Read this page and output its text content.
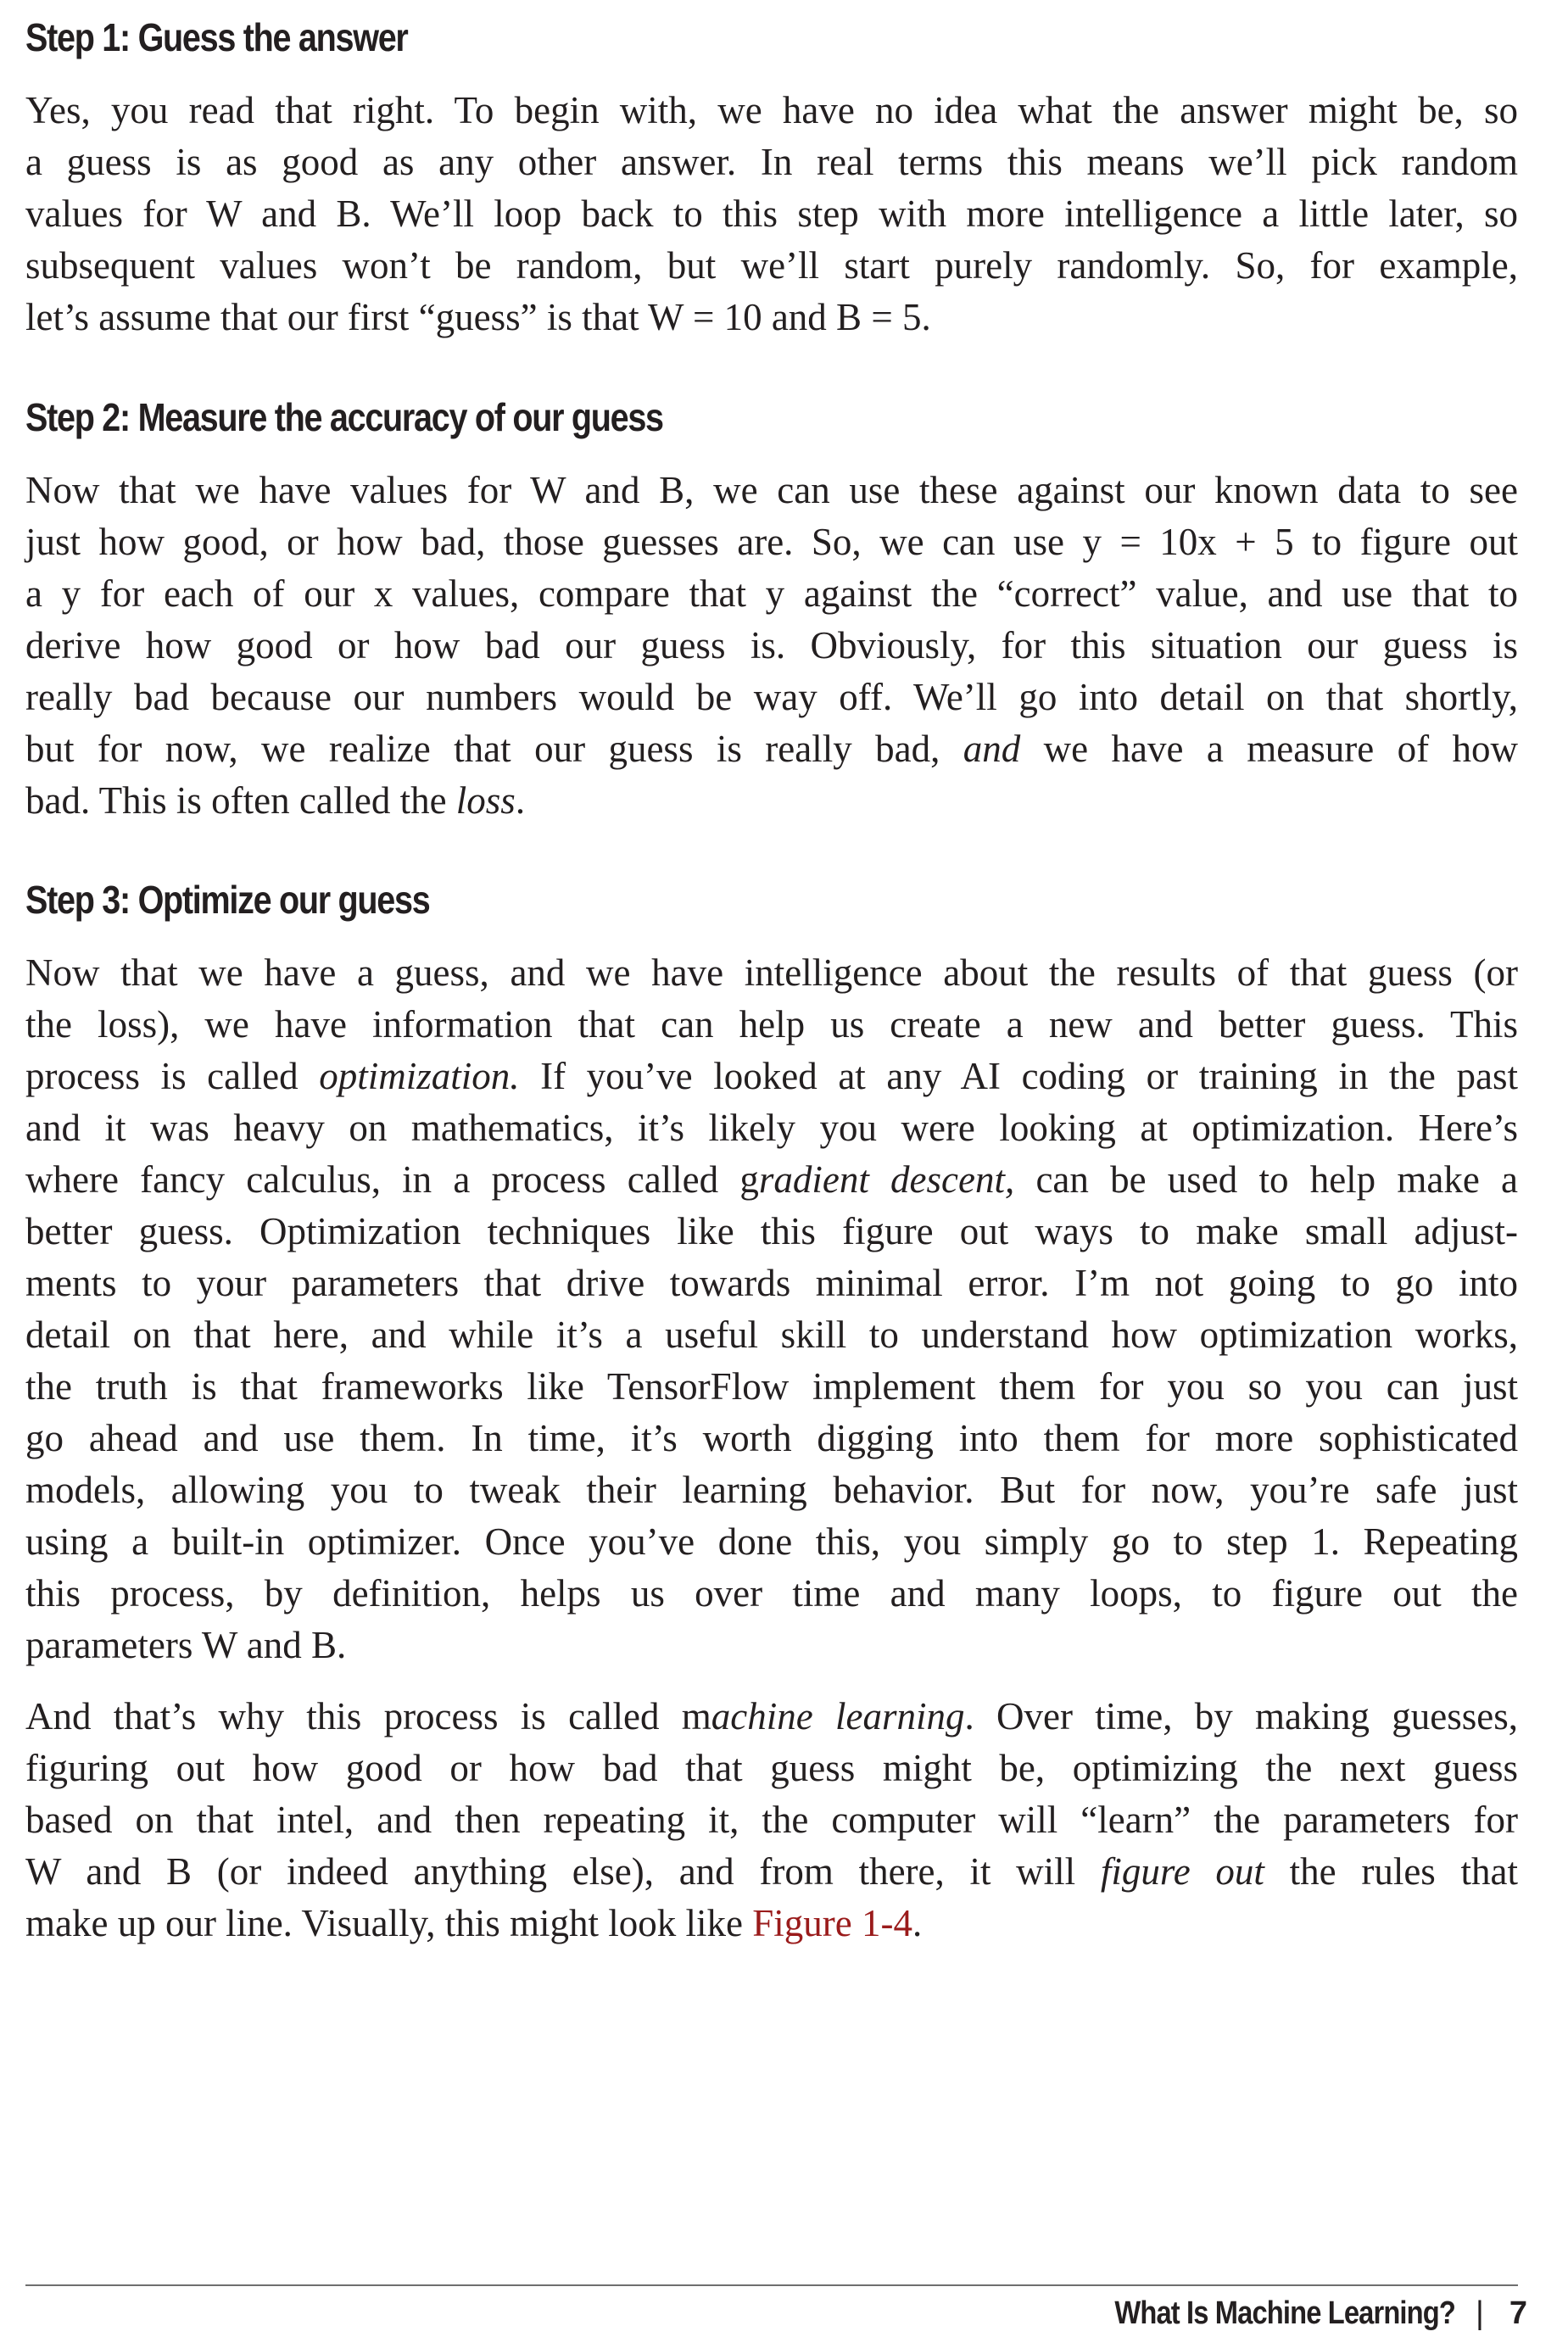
Step 1: Guess the answer
Yes, you read that right. To begin with, we have no idea what the answer might be, so
a guess is as good as any other answer. In real terms this means we’ll pick random
values for W and B. We’ll loop back to this step with more intelligence a little later, so
subsequent values won’t be random, but we’ll start purely randomly. So, for example,
let’s assume that our first “guess” is that W = 10 and B = 5.
Step 2: Measure the accuracy of our guess
Now that we have values for W and B, we can use these against our known data to see
just how good, or how bad, those guesses are. So, we can use y = 10x + 5 to figure out
a y for each of our x values, compare that y against the “correct” value, and use that to
derive how good or how bad our guess is. Obviously, for this situation our guess is
really bad because our numbers would be way off. We’ll go into detail on that shortly,
but for now, we realize that our guess is really bad, and we have a measure of how
bad. This is often called the loss.
Step 3: Optimize our guess
Now that we have a guess, and we have intelligence about the results of that guess (or
the loss), we have information that can help us create a new and better guess. This
process is called optimization. If you’ve looked at any AI coding or training in the past
and it was heavy on mathematics, it’s likely you were looking at optimization. Here’s
where fancy calculus, in a process called gradient descent, can be used to help make a
better guess. Optimization techniques like this figure out ways to make small adjust-
ments to your parameters that drive towards minimal error. I’m not going to go into
detail on that here, and while it’s a useful skill to understand how optimization works,
the truth is that frameworks like TensorFlow implement them for you so you can just
go ahead and use them. In time, it’s worth digging into them for more sophisticated
models, allowing you to tweak their learning behavior. But for now, you’re safe just
using a built-in optimizer. Once you’ve done this, you simply go to step 1. Repeating
this process, by definition, helps us over time and many loops, to figure out the
parameters W and B.
And that’s why this process is called machine learning. Over time, by making guesses,
figuring out how good or how bad that guess might be, optimizing the next guess
based on that intel, and then repeating it, the computer will “learn” the parameters for
W and B (or indeed anything else), and from there, it will figure out the rules that
make up our line. Visually, this might look like Figure 1-4.
What Is Machine Learning? | 7
